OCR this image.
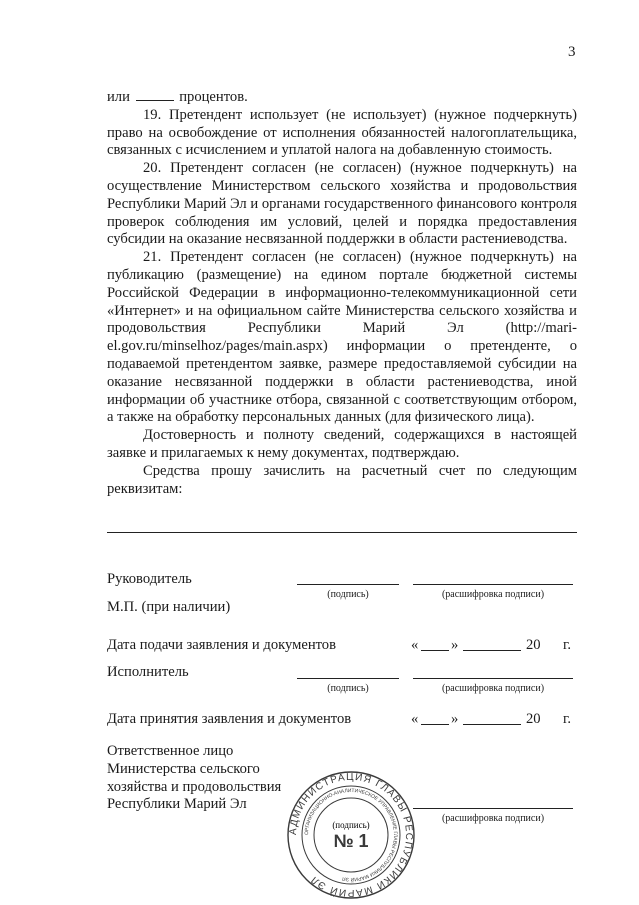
3
или	процентов.
19. Претендент использует (не использует) (нужное подчеркнуть) право на освобождение от исполнения обязанностей налогоплательщика, связанных с исчислением и уплатой налога на добавленную стоимость.
20. Претендент согласен (не согласен) (нужное подчеркнуть) на осуществление Министерством сельского хозяйства и продовольствия Республики Марий Эл и органами государственного финансового контроля проверок соблюдения им условий, целей и порядка предоставления субсидии на оказание несвязанной поддержки в области растениеводства.
21. Претендент согласен (не согласен) (нужное подчеркнуть) на публикацию (размещение) на едином портале бюджетной системы Российской Федерации в информационно-телекоммуникационной сети «Интернет» и на официальном сайте Министерства сельского хозяйства и продовольствия Республики Марий Эл (http://mari-el.gov.ru/minselhoz/pages/main.aspx) информации о претенденте, о подаваемой претендентом заявке, размере предоставляемой субсидии на оказание несвязанной поддержки в области растениеводства, иной информации об участнике отбора, связанной с соответствующим отбором, а также на обработку персональных данных (для физического лица).
Достоверность и полноту сведений, содержащихся в настоящей заявке и прилагаемых к нему документах, подтверждаю.
Средства прошу зачислить на расчетный счет по следующим реквизитам:
Руководитель
(подпись)	(расшифровка подписи)
М.П. (при наличии)
Дата подачи заявления и документов	« »	20 г.
Исполнитель
(подпись)	(расшифровка подписи)
Дата принятия заявления и документов	« »	20 г.
Ответственное лицо
Министерства сельского
хозяйства и продовольствия
Республики Марий Эл
(расшифровка подписи)
АДМИНИСТРАЦИЯ ГЛАВЫ РЕСПУБЛИКИ МАРИЙ ЭЛ
ОРГАНИЗАЦИОННО-АНАЛИТИЧЕСКОЕ УПРАВЛЕНИЕ ГЛАВЫ РЕСПУБЛИКИ МАРИЙ ЭЛ
(подпись)
№ 1
